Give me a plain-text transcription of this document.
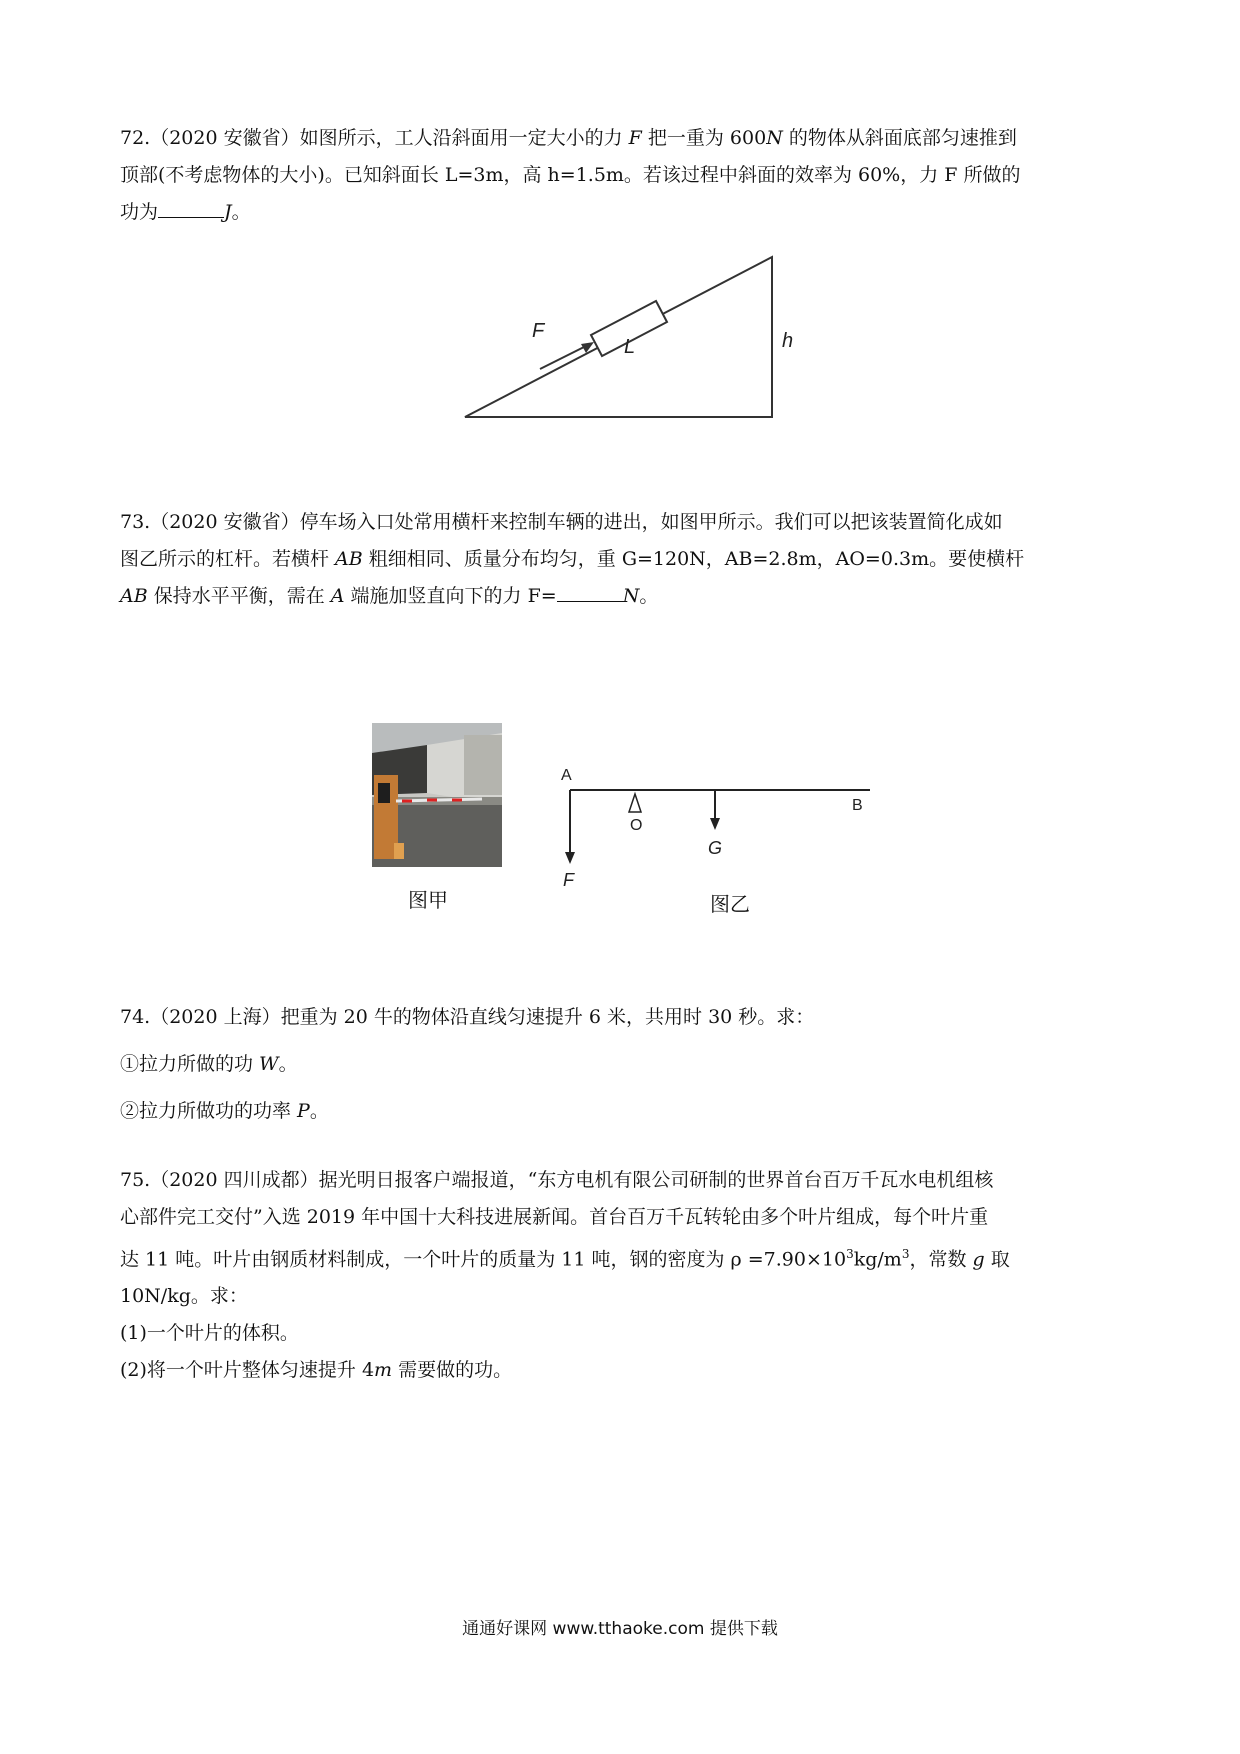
72.（2020 安徽省）如图所示，工人沿斜面用一定大小的力 F 把一重为 600N 的物体从斜面底部匀速推到
顶部(不考虑物体的大小)。已知斜面长 L=3m，高 h=1.5m。若该过程中斜面的效率为 60%，力 F 所做的
功为	J。
F
L	h
73.（2020 安徽省）停车场入口处常用横杆来控制车辆的进出，如图甲所示。我们可以把该装置简化成如
图乙所示的杠杆。若横杆 AB 粗细相同、质量分布均匀，重 G=120N，AB=2.8m，AO=0.3m。要使横杆
AB 保持水平平衡，需在 A 端施加竖直向下的力 F=	N。
图甲
A
B
O
G
F
图乙
74.（2020 上海）把重为 20 牛的物体沿直线匀速提升 6 米，共用时 30 秒。求：
①拉力所做的功 W。
②拉力所做功的功率 P。
75.（2020 四川成都）据光明日报客户端报道，“东方电机有限公司研制的世界首台百万千瓦水电机组核
心部件完工交付”入选 2019 年中国十大科技进展新闻。首台百万千瓦转轮由多个叶片组成，每个叶片重
达 11 吨。叶片由钢质材料制成，一个叶片的质量为 11 吨，钢的密度为 $\rho =7.90\times 10^3kg/m^3$，常数 g 取
10N/kg。求：
(1)一个叶片的体积。
(2)将一个叶片整体匀速提升 4m 需要做的功。
通通好课网 www.tthaoke.com 提供下载
